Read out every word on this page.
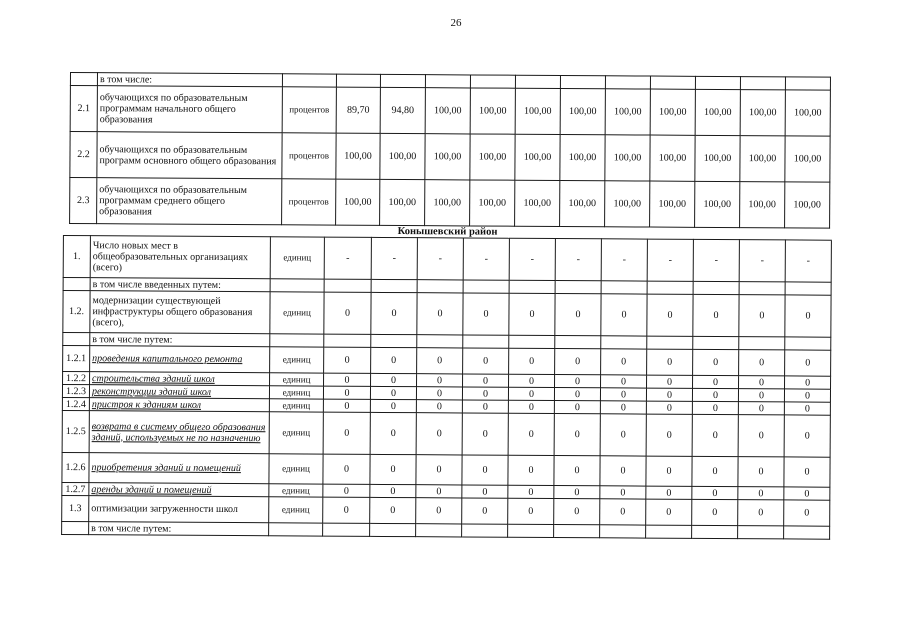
26
	в том числе:												
2.1	обучающихся по образовательным программам начального общего образования	процентов	89,70	94,80	100,00	100,00	100,00	100,00	100,00	100,00	100,00	100,00	100,00
2.2	обучающихся по образовательным программ основного общего образования	процентов	100,00	100,00	100,00	100,00	100,00	100,00	100,00	100,00	100,00	100,00	100,00
2.3	обучающихся по образовательным программам среднего общего образования	процентов	100,00	100,00	100,00	100,00	100,00	100,00	100,00	100,00	100,00	100,00	100,00
Конышевский район													
1.	Число новых мест в общеобразовательных организациях (всего)	единиц	-	-	-	-	-	-	-	-	-	-	-
	в том числе введенных путем:												
1.2.	модернизации существующей инфраструктуры общего образования (всего),	единиц	0	0	0	0	0	0	0	0	0	0	0
	в том числе путем:												
1.2.1	проведения капитального ремонта	единиц	0	0	0	0	0	0	0	0	0	0	0
1.2.2	строительства зданий школ	единиц	0	0	0	0	0	0	0	0	0	0	0
1.2.3	реконструкции зданий школ	единиц	0	0	0	0	0	0	0	0	0	0	0
1.2.4	пристроя к зданиям школ	единиц	0	0	0	0	0	0	0	0	0	0	0
1.2.5	возврата в систему общего образования зданий, используемых не по назначению	единиц	0	0	0	0	0	0	0	0	0	0	0
1.2.6	приобретения зданий и помещений	единиц	0	0	0	0	0	0	0	0	0	0	0
1.2.7	аренды зданий и помещений	единиц	0	0	0	0	0	0	0	0	0	0	0
1.3	оптимизации загруженности школ	единиц	0	0	0	0	0	0	0	0	0	0	0
	в том числе путем:												
